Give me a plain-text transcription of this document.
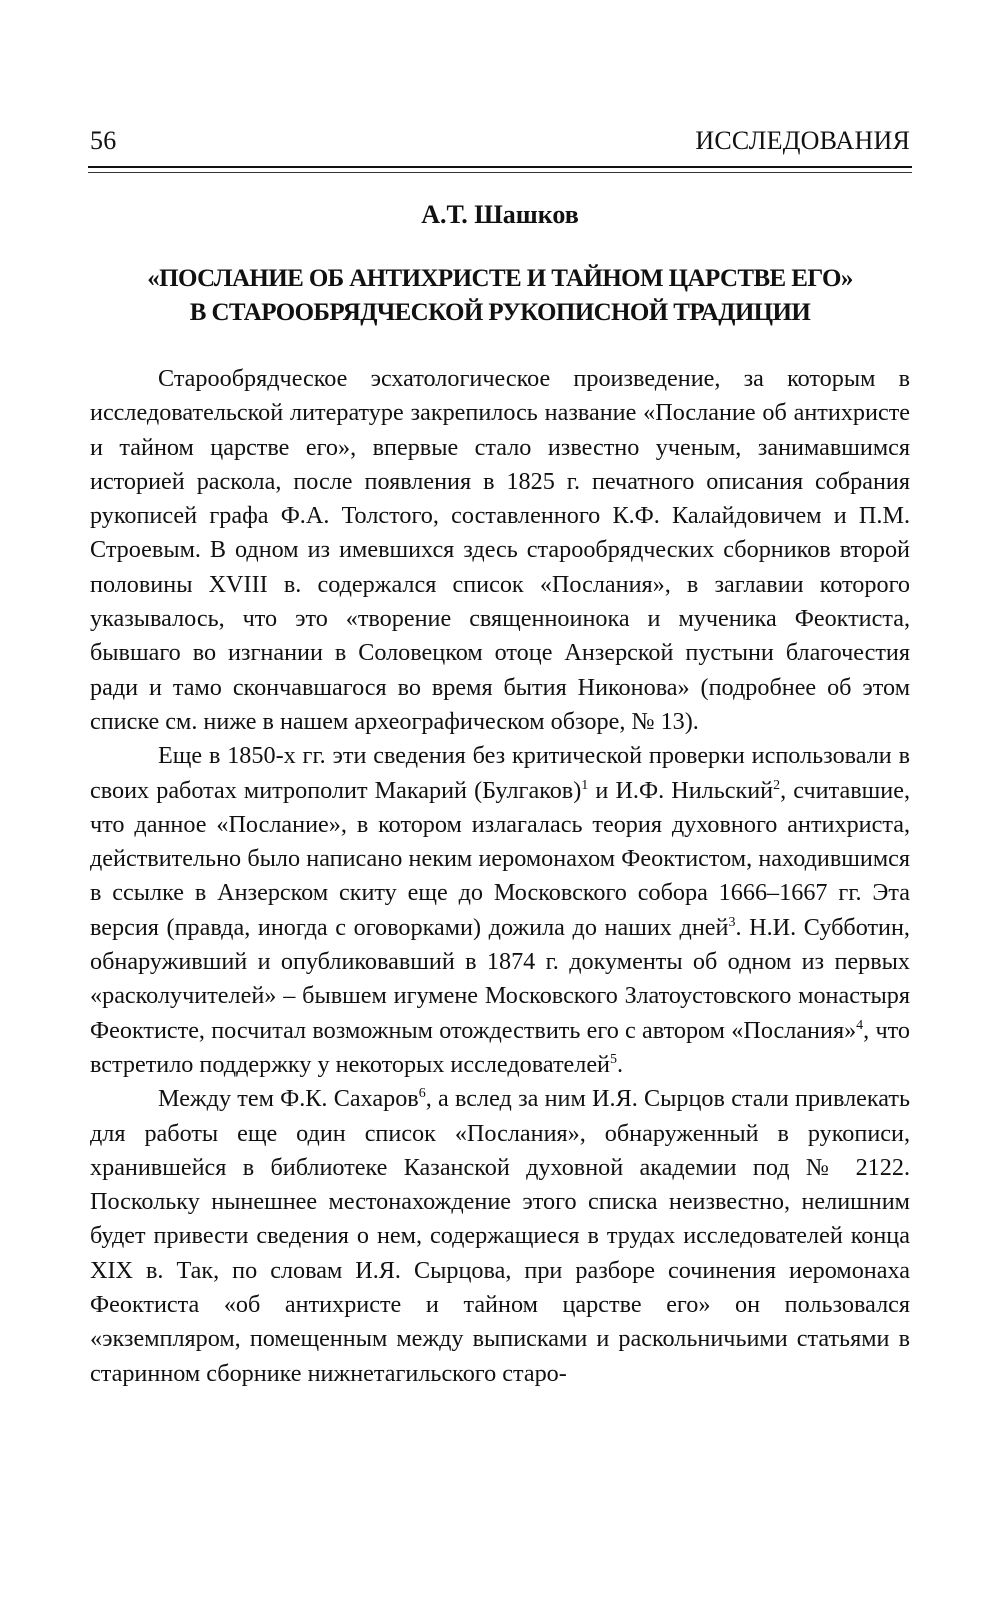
56	ИССЛЕДОВАНИЯ
А.Т. Шашков
«ПОСЛАНИЕ ОБ АНТИХРИСТЕ И ТАЙНОМ ЦАРСТВЕ ЕГО»
В СТАРООБРЯДЧЕСКОЙ РУКОПИСНОЙ ТРАДИЦИИ

Старообрядческое эсхатологическое произведение, за которым в исследовательской литературе закрепилось название «Послание об антихристе и тайном царстве его», впервые стало известно ученым, занимавшимся историей раскола, после появления в 1825 г. печатного описания собрания рукописей графа Ф.А. Толстого, составленного К.Ф. Калайдовичем и П.М. Строевым. В одном из имевшихся здесь старообрядческих сборников второй половины XVIII в. содержался список «Послания», в заглавии которого указывалось, что это «творение священноинока и мученика Феоктиста, бывшаго во изгнании в Соловецком отоце Анзерской пустыни благочестия ради и тамо скончавшагося во время бытия Никонова» (подробнее об этом списке см. ниже в нашем археографическом обзоре, № 13).

Еще в 1850-х гг. эти сведения без критической проверки использовали в своих работах митрополит Макарий (Булгаков)$^1$ и И.Ф. Нильский$^2$, считавшие, что данное «Послание», в котором излагалась теория духовного антихриста, действительно было написано неким иеромонахом Феоктистом, находившимся в ссылке в Анзерском скиту еще до Московского собора 1666–1667 гг. Эта версия (правда, иногда с оговорками) дожила до наших дней$^3$. Н.И. Субботин, обнаруживший и опубликовавший в 1874 г. документы об одном из первых «расколучителей» – бывшем игумене Московского Златоустовского монастыря Феоктисте, посчитал возможным отождествить его с автором «Послания»$^4$, что встретило поддержку у некоторых исследователей$^5$.

Между тем Ф.К. Сахаров$^6$, а вслед за ним И.Я. Сырцов стали привлекать для работы еще один список «Послания», обнаруженный в рукописи, хранившейся в библиотеке Казанской духовной академии под № 2122. Поскольку нынешнее местонахождение этого списка неизвестно, нелишним будет привести сведения о нем, содержащиеся в трудах исследователей конца XIX в. Так, по словам И.Я. Сырцова, при разборе сочинения иеромонаха Феоктиста «об антихристе и тайном царстве его» он пользовался «экземпляром, помещенным между выписками и раскольничьими статьями в старинном сборнике нижнетагильского старо-
